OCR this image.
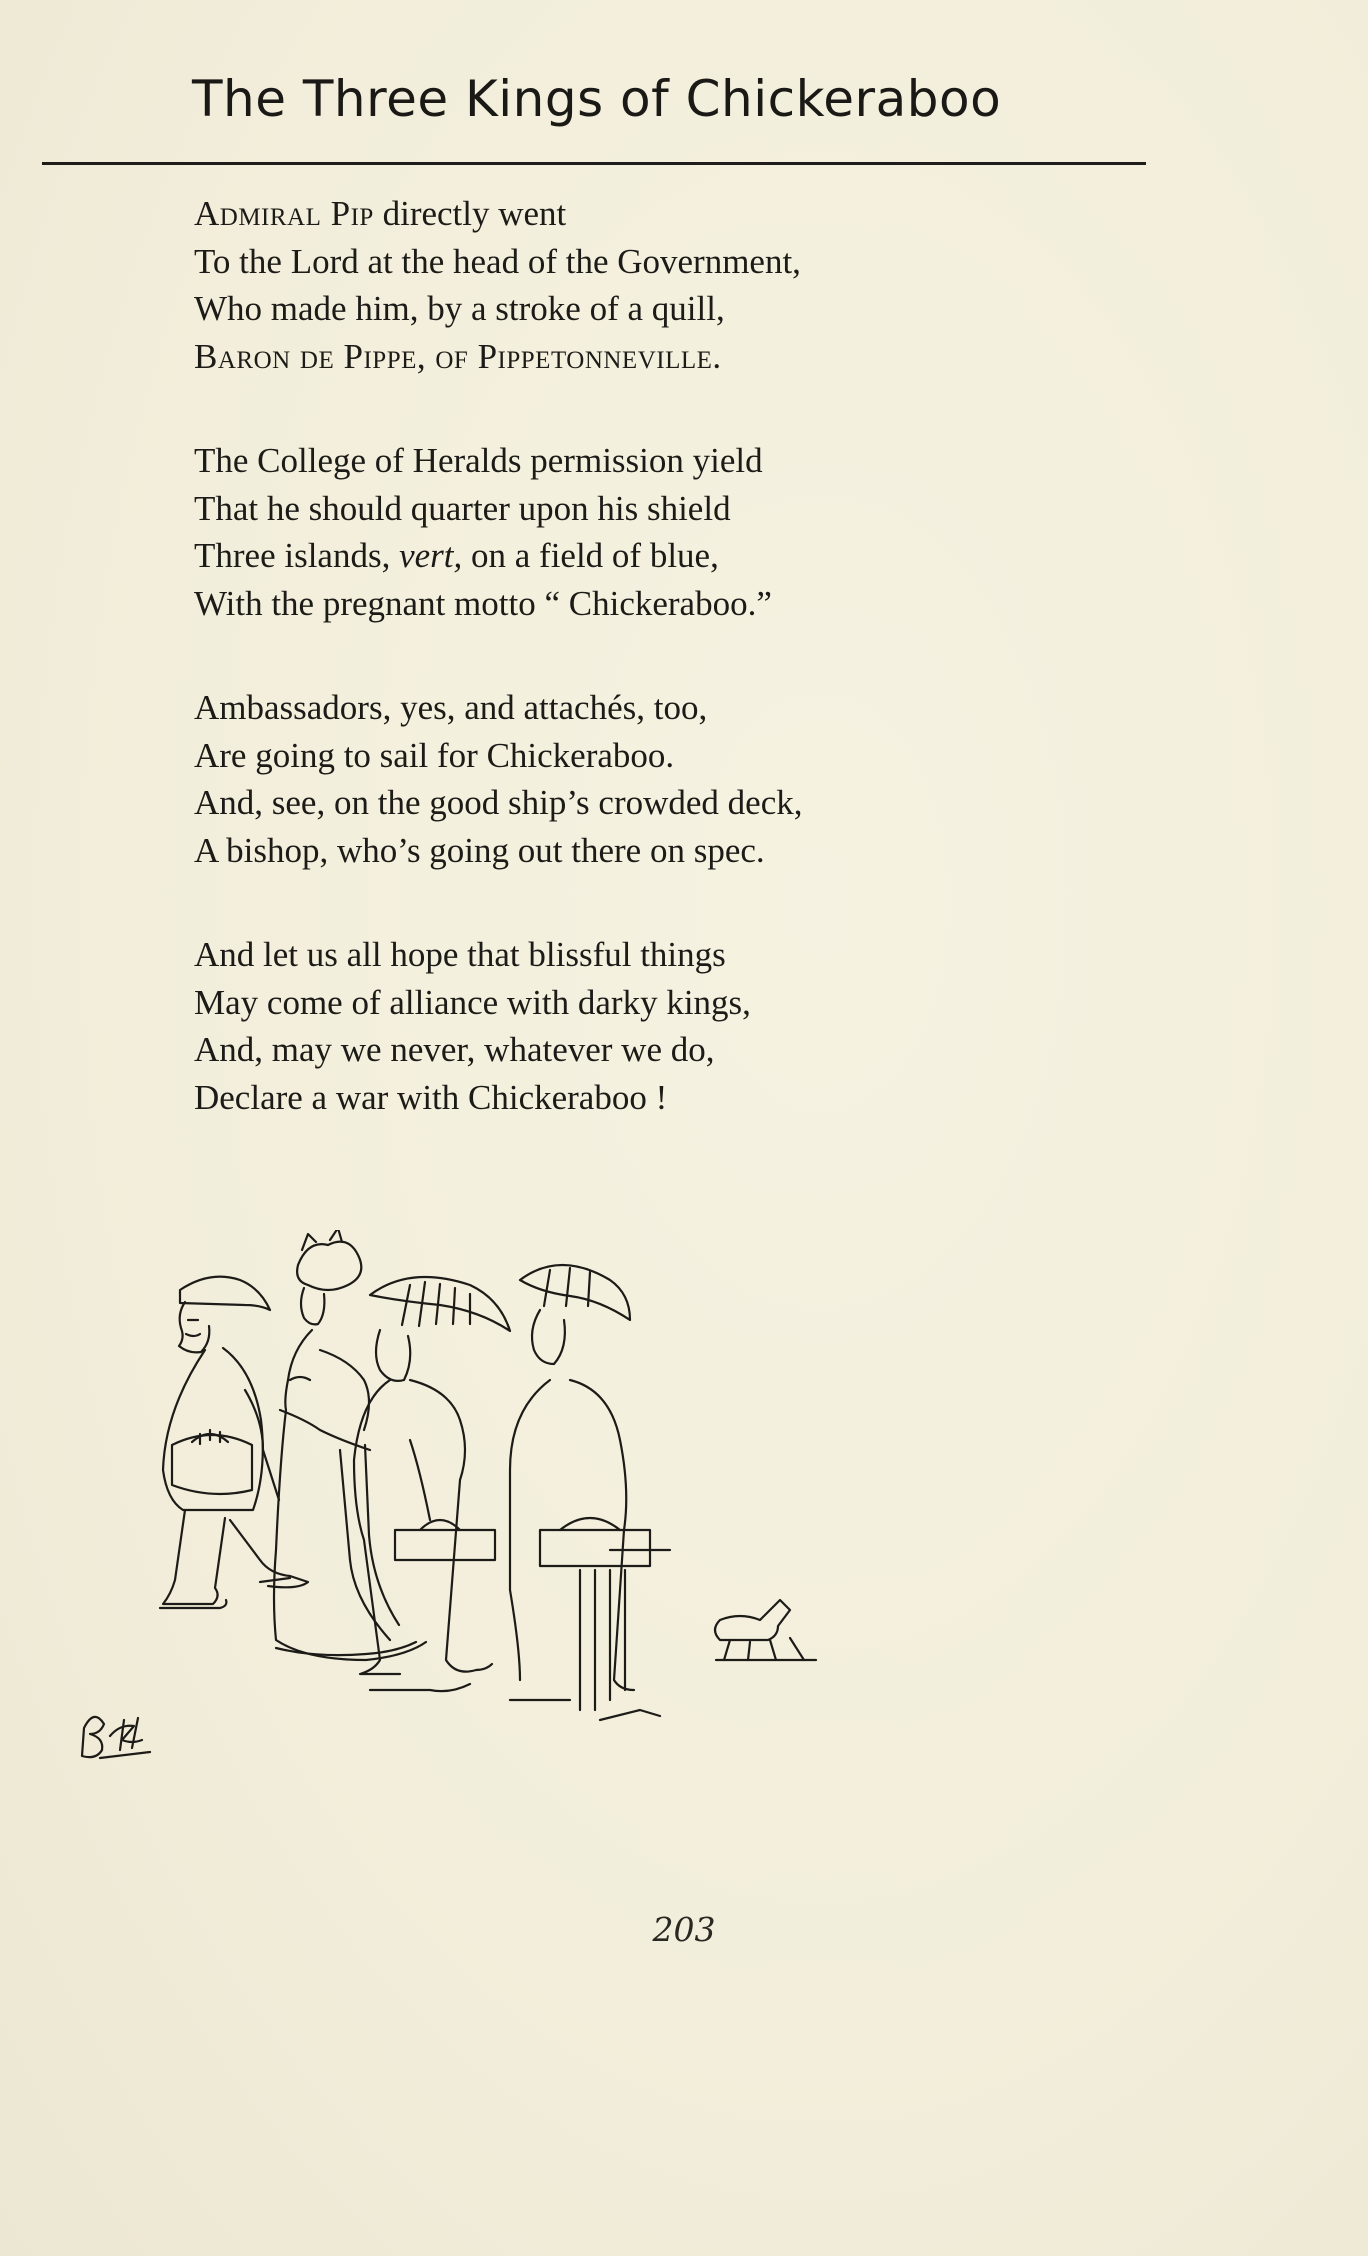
The Three Kings of Chickeraboo
Admiral Pip directly went
To the Lord at the head of the Government,
Who made him, by a stroke of a quill,
Baron de Pippe, of Pippetonneville.
The College of Heralds permission yield
That he should quarter upon his shield
Three islands, vert, on a field of blue,
With the pregnant motto “ Chickeraboo.”
Ambassadors, yes, and attachés, too,
Are going to sail for Chickeraboo.
And, see, on the good ship’s crowded deck,
A bishop, who’s going out there on spec.
And let us all hope that blissful things
May come of alliance with darky kings,
And, may we never, whatever we do,
Declare a war with Chickeraboo !
203
